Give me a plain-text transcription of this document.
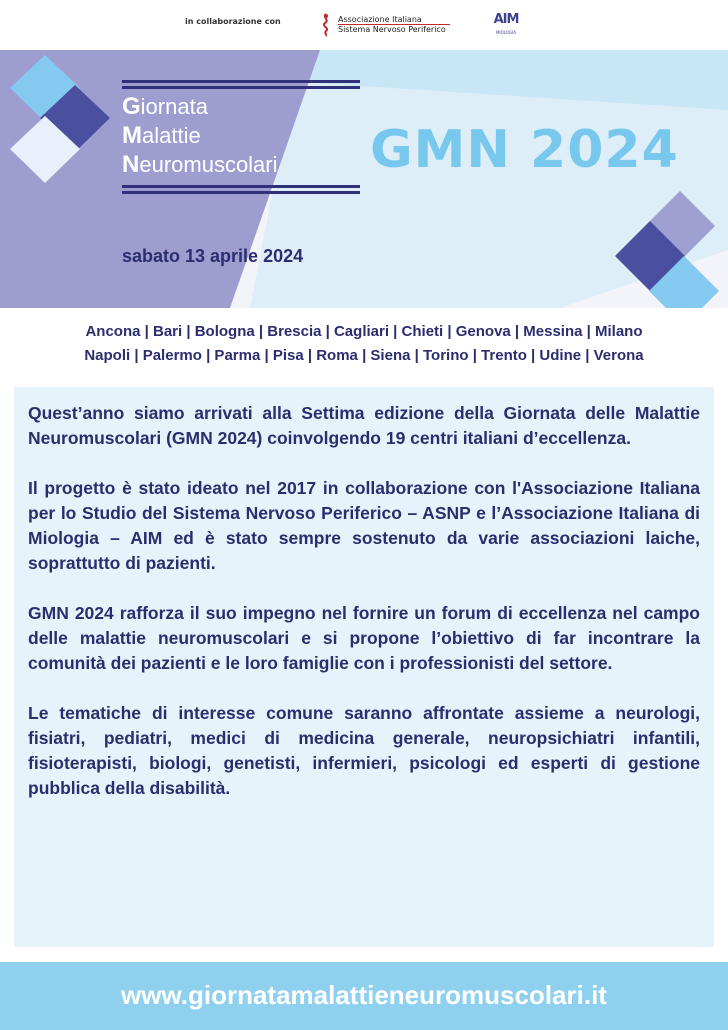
in collaborazione con	Associazione Italiana
Sistema Nervoso Periferico
AIM
MIOLOGIA
Giornata
Malattie
Neuromuscolari
sabato 13 aprile 2024
GMN 2024
Ancona | Bari | Bologna | Brescia | Cagliari | Chieti | Genova | Messina | Milano
Napoli | Palermo | Parma | Pisa | Roma | Siena | Torino | Trento | Udine | Verona

Quest’anno siamo arrivati alla Settima edizione della Giornata delle Malattie Neuromuscolari (GMN 2024) coinvolgendo 19 centri italiani d’eccellenza.

Il progetto è stato ideato nel 2017 in collaborazione con l'Associazione Italiana per lo Studio del Sistema Nervoso Periferico – ASNP e l’Associazione Italiana di Miologia – AIM ed è stato sempre sostenuto da varie associazioni laiche, soprattutto di pazienti.

GMN 2024 rafforza il suo impegno nel fornire un forum di eccellenza nel campo delle malattie neuromuscolari e si propone l’obiettivo di far incontrare la comunità dei pazienti e le loro famiglie con i professionisti del settore.

Le tematiche di interesse comune saranno affrontate assieme a neurologi, fisiatri, pediatri, medici di medicina generale, neuropsichiatri infantili, fisioterapisti, biologi, genetisti, infermieri, psicologi ed esperti di gestione pubblica della disabilità.

www.giornatamalattieneuromuscolari.it
